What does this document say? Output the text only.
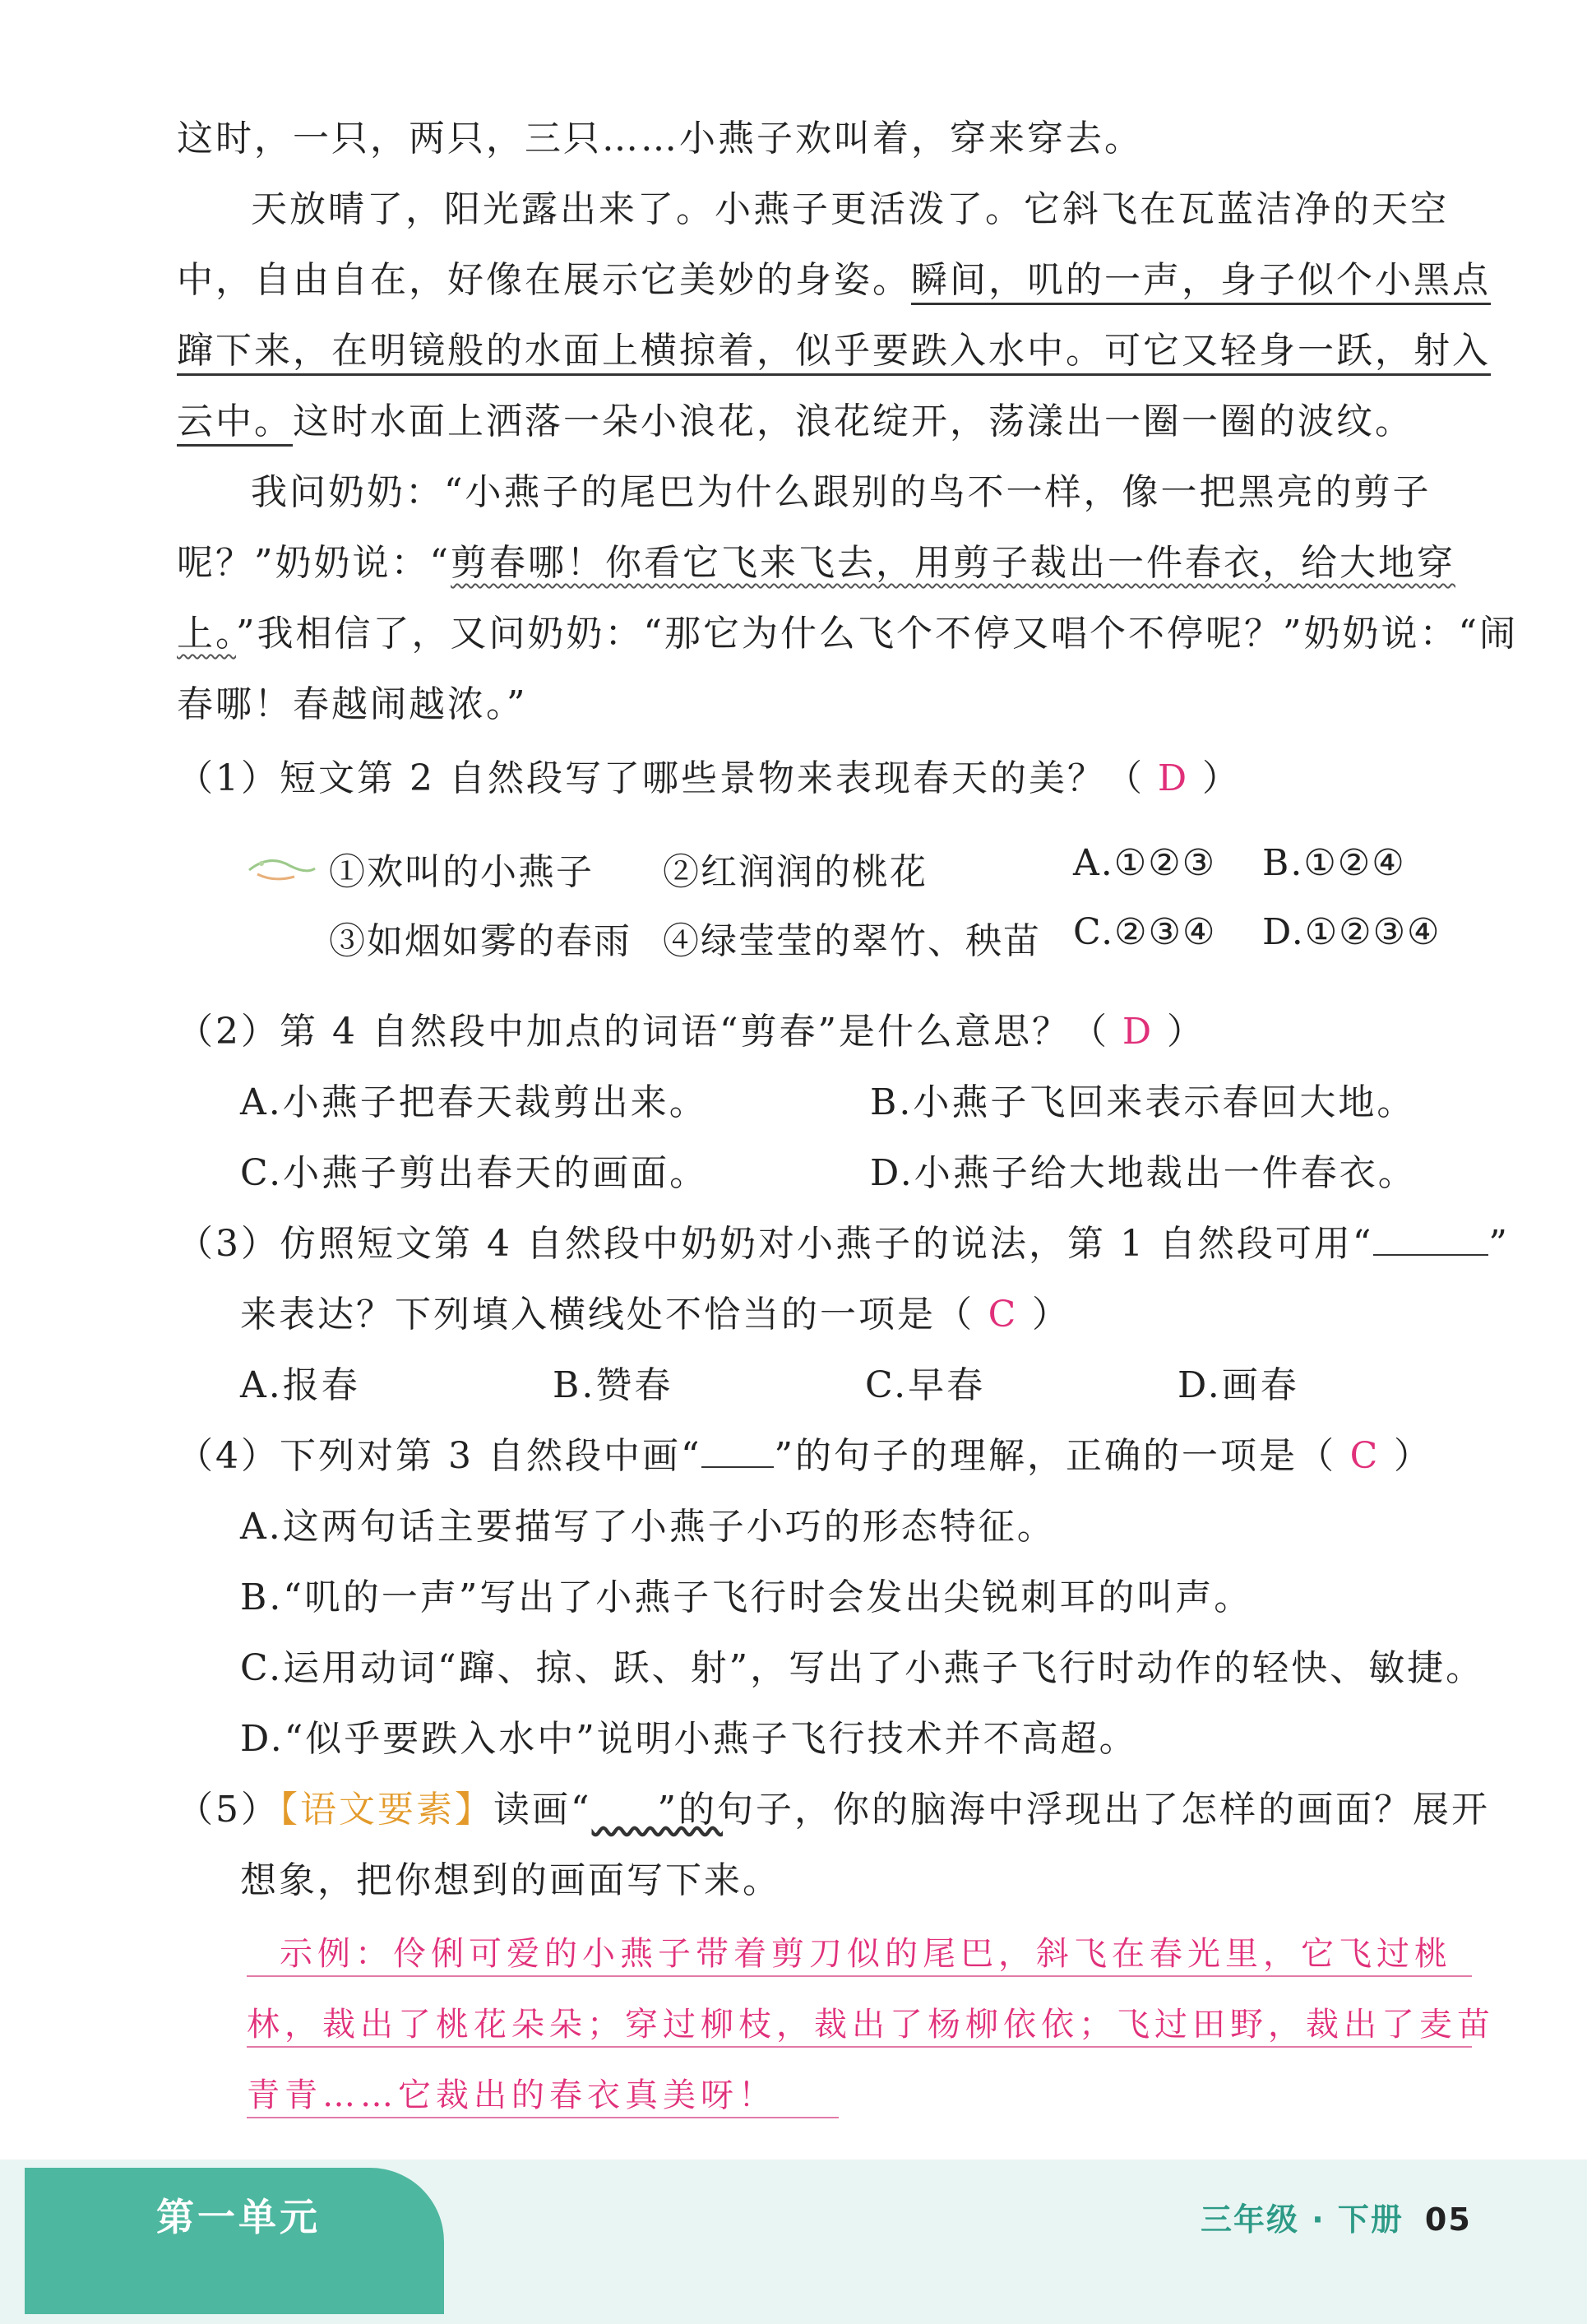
这时，一只，两只，三只……小燕子欢叫着，穿来穿去。
天放晴了，阳光露出来了。小燕子更活泼了。它斜飞在瓦蓝洁净的天空
中，自由自在，好像在展示它美妙的身姿。瞬间，叽的一声，身子似个小黑点
蹿下来，在明镜般的水面上横掠着，似乎要跌入水中。可它又轻身一跃，射入
云中。这时水面上洒落一朵小浪花，浪花绽开，荡漾出一圈一圈的波纹。
我问奶奶：“小燕子的尾巴为什么跟别的鸟不一样，像一把黑亮的剪子
呢？”奶奶说：“剪春哪！你看它飞来飞去，用剪子裁出一件春衣，给大地穿
上。”我相信了，又问奶奶：“那它为什么飞个不停又唱个不停呢？”奶奶说：“闹
春哪！春越闹越浓。”
（1）短文第 2 自然段写了哪些景物来表现春天的美？（ D ）
①欢叫的小燕子 ②红润润的桃花	A.①②③ B.①②④
③如烟如雾的春雨 ④绿莹莹的翠竹、秧苗 C.②③④ D.①②③④
（2）第 4 自然段中加点的词语“剪春”是什么意思？（ D ）
A.小燕子把春天裁剪出来。	B.小燕子飞回来表示春回大地。
C.小燕子剪出春天的画面。	D.小燕子给大地裁出一件春衣。
（3）仿照短文第 4 自然段中奶奶对小燕子的说法，第 1 自然段可用“	”
来表达？下列填入横线处不恰当的一项是（ C ）
A.报春	B.赞春	C.早春	D.画春
（4）下列对第 3 自然段中画“ ”的句子的理解，正确的一项是（ C ）
A.这两句话主要描写了小燕子小巧的形态特征。
B.“叽的一声”写出了小燕子飞行时会发出尖锐刺耳的叫声。
C.运用动词“蹿、掠、跃、射”，写出了小燕子飞行时动作的轻快、敏捷。
D.“似乎要跌入水中”说明小燕子飞行技术并不高超。
（5）【语文要素】读画“ ”的句子，你的脑海中浮现出了怎样的画面？展开
想象，把你想到的画面写下来。
示例：伶俐可爱的小燕子带着剪刀似的尾巴，斜飞在春光里，它飞过桃
林，裁出了桃花朵朵；穿过柳枝，裁出了杨柳依依；飞过田野，裁出了麦苗
青青……它裁出的春衣真美呀！
第一单元	三年级 · 下册 05
